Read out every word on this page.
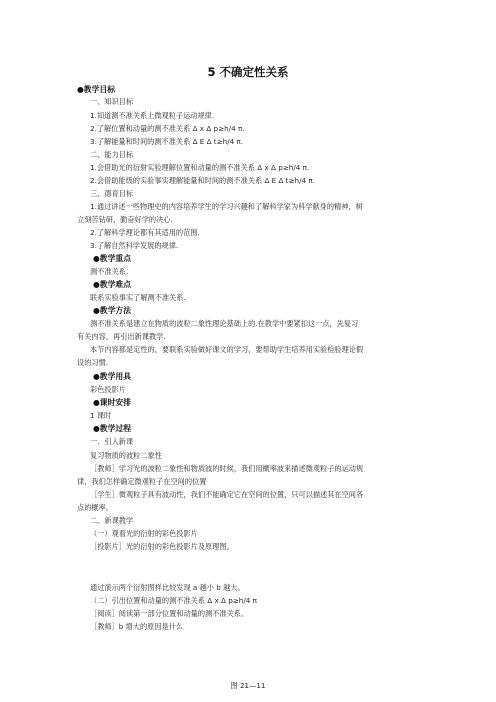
5 不确定性关系
●教学目标
一、知识目标
1.知道测不准关系上微观粒子运动规律.
2.了解位置和动量的测不准关系 Δ x Δ p≥h/4 π.
3.了解能量和时间的测不准关系 Δ E Δ t≥h/4 π.
二、能力目标
1.会借助光的衍射实验理解位置和动量的测不准关系 Δ x Δ p≥h/4 π.
2.会借助能级的实验事实理解能量和时间的测不准关系 Δ E Δ t≥h/4 π.
三、德育目标
1.通过讲述一些物理史的内容培养学生的学习兴趣和了解科学家为科学献身的精神，树
立刻苦钻研、勤奋好学的决心.
2.了解科学理论都有其适用的范围.
3.了解自然科学发展的规律.
●教学重点
测不准关系.
●教学难点
联系实验事实了解测不准关系.
●教学方法
测不准关系是建立在物质的波粒二象性理论基础上的.在教学中要紧扣这一点，先复习
有关内容，再引出新课教学.
本节内容都是定性的，要联系实验做好课文的学习，要帮助学生培养用实验检验理论假
设的习惯.
●教学用具
彩色投影片
●课时安排
1 课时
●教学过程
一、引入新课
复习物质的波粒二象性
［教师］学习光的波粒二象性和物质波的时候，我们用概率波来描述微观粒子的运动规
律，我们怎样确定微观粒子在空间的位置
［学生］微观粒子具有波动性，我们不能确定它在空间的位置，只可以描述其在空间各
点的概率。
二、新课教学
（一）观看光的衍射的彩色投影片
［投影片］光的衍射的彩色投影片及原理图。
通过演示两个衍射图样比较发现 a 越小 b 越大。
（二）引出位置和动量的测不准关系 Δ x Δ p≥h/4 π
［阅读］阅读第一部分位置和动量的测不准关系。
［教师］b 增大的原因是什么
图 21—11
